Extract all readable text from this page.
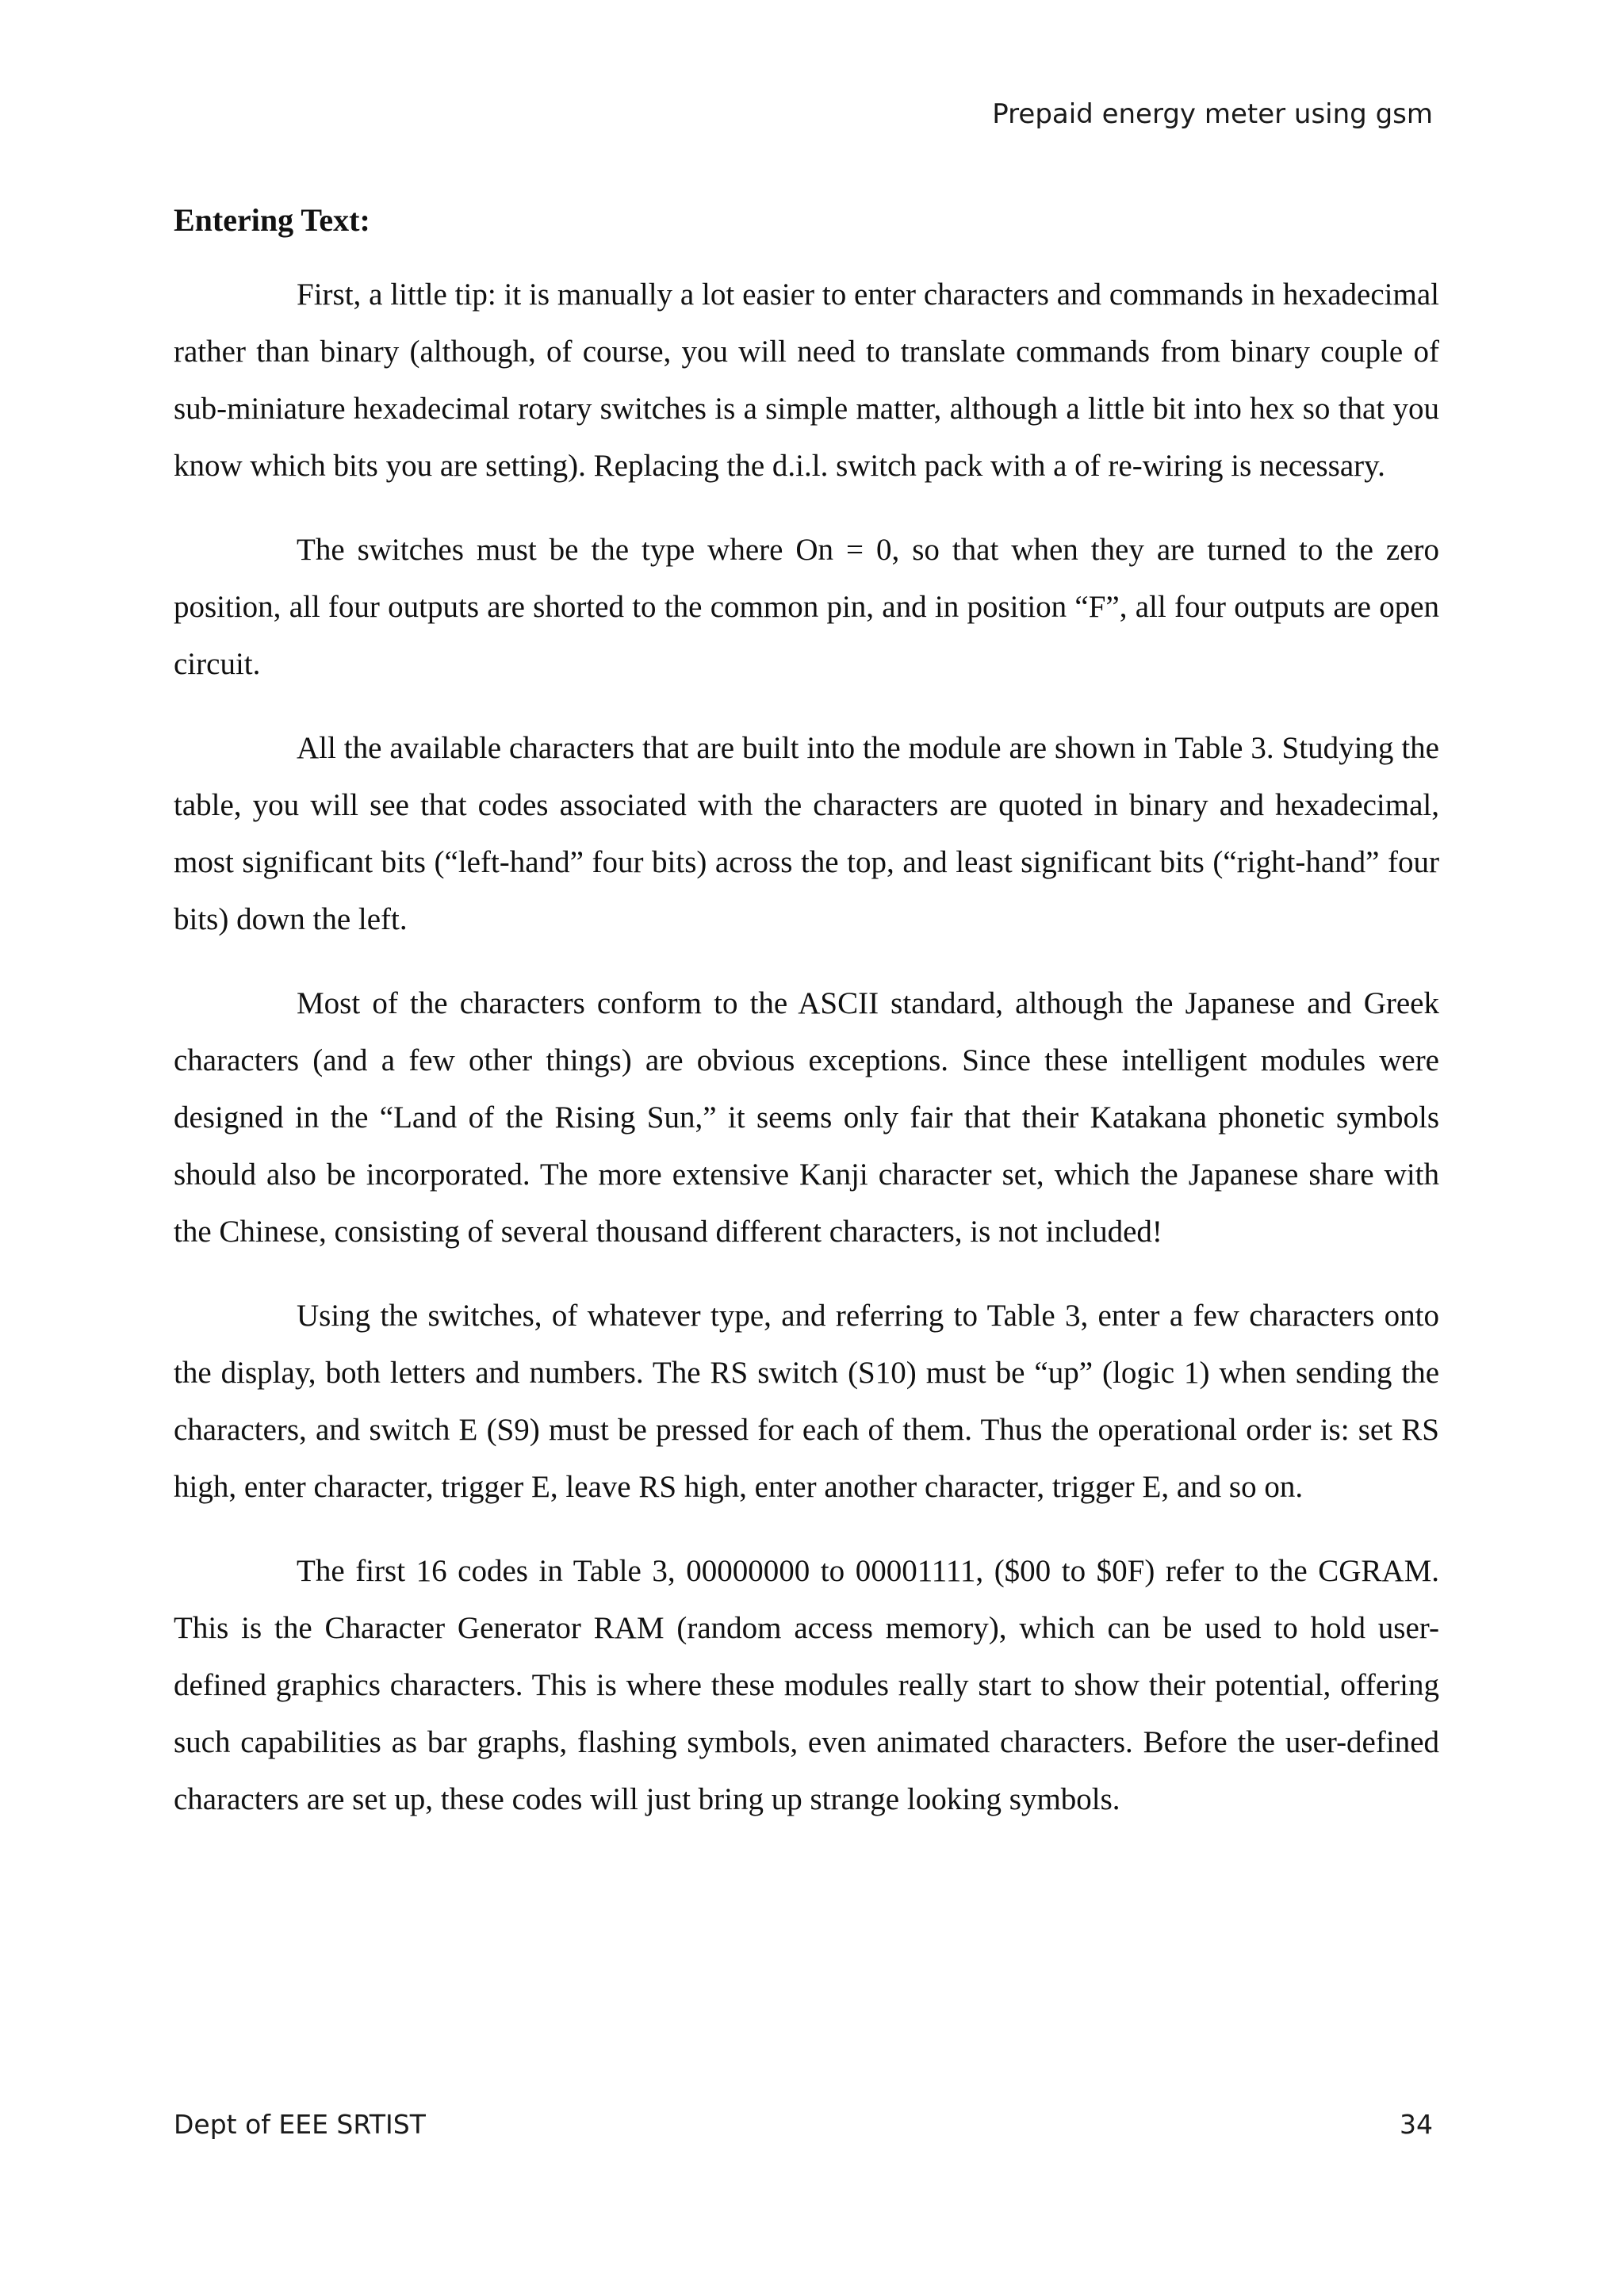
Prepaid energy meter using gsm
Entering Text:

First, a little tip: it is manually a lot easier to enter characters and commands in hexadecimal rather than binary (although, of course, you will need to translate commands from binary couple of sub-miniature hexadecimal rotary switches is a simple matter, although a little bit into hex so that you know which bits you are setting). Replacing the d.i.l. switch pack with a of re-wiring is necessary.

The switches must be the type where On = 0, so that when they are turned to the zero position, all four outputs are shorted to the common pin, and in position “F”, all four outputs are open circuit.

All the available characters that are built into the module are shown in Table 3. Studying the table, you will see that codes associated with the characters are quoted in binary and hexadecimal, most significant bits (“left-hand” four bits) across the top, and least significant bits (“right-hand” four bits) down the left.

Most of the characters conform to the ASCII standard, although the Japanese and Greek characters (and a few other things) are obvious exceptions. Since these intelligent modules were designed in the “Land of the Rising Sun,” it seems only fair that their Katakana phonetic symbols should also be incorporated. The more extensive Kanji character set, which the Japanese share with the Chinese, consisting of several thousand different characters, is not included!

Using the switches, of whatever type, and referring to Table 3, enter a few characters onto the display, both letters and numbers. The RS switch (S10) must be “up” (logic 1) when sending the characters, and switch E (S9) must be pressed for each of them. Thus the operational order is: set RS high, enter character, trigger E, leave RS high, enter another character, trigger E, and so on.

The first 16 codes in Table 3, 00000000 to 00001111, ($00 to $0F) refer to the CGRAM. This is the Character Generator RAM (random access memory), which can be used to hold user-defined graphics characters. This is where these modules really start to show their potential, offering such capabilities as bar graphs, flashing symbols, even animated characters. Before the user-defined characters are set up, these codes will just bring up strange looking symbols.

Dept of EEE SRTIST	34
